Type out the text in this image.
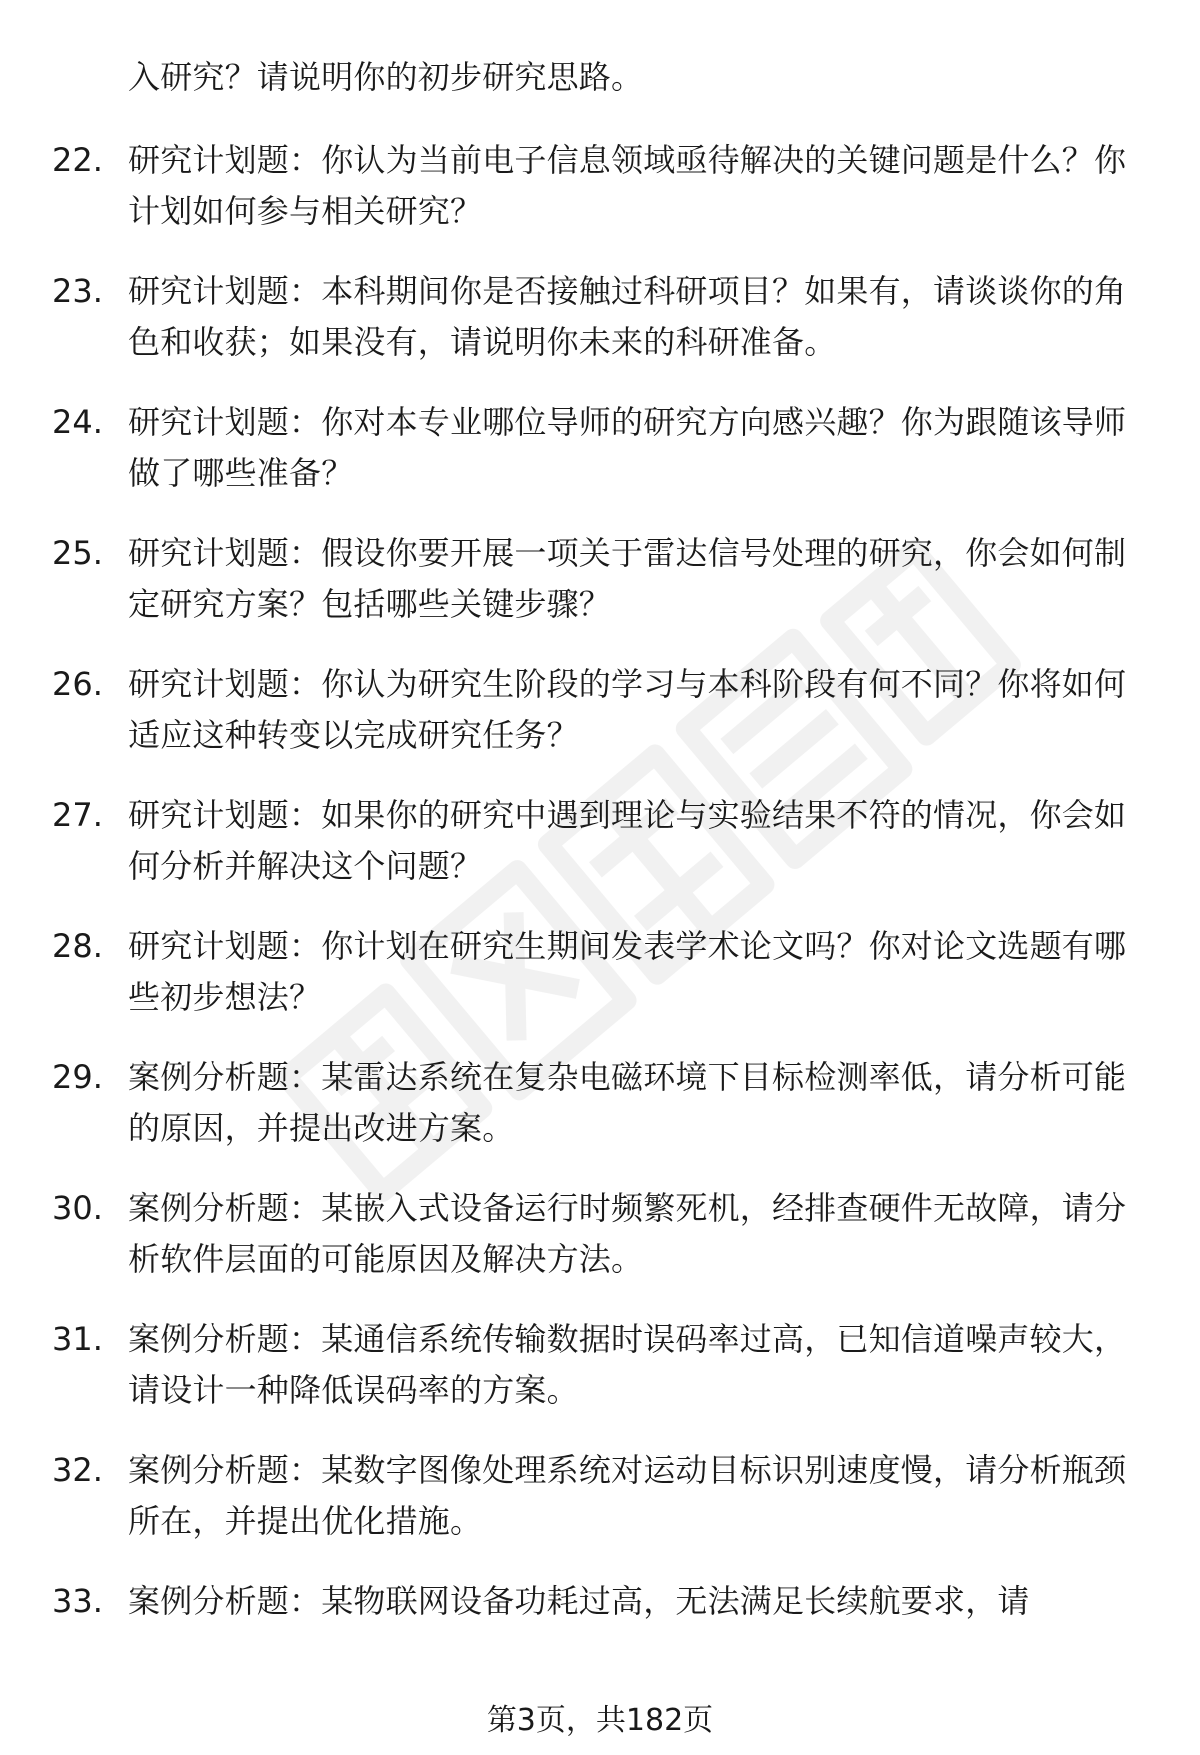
入研究？请说明你的初步研究思路。
22. 研究计划题：你认为当前电子信息领域亟待解决的关键问题是什么？你计划如何参与相关研究？
23. 研究计划题：本科期间你是否接触过科研项目？如果有，请谈谈你的角色和收获；如果没有，请说明你未来的科研准备。
24. 研究计划题：你对本专业哪位导师的研究方向感兴趣？你为跟随该导师做了哪些准备？
25. 研究计划题：假设你要开展一项关于雷达信号处理的研究，你会如何制定研究方案？包括哪些关键步骤？
26. 研究计划题：你认为研究生阶段的学习与本科阶段有何不同？你将如何适应这种转变以完成研究任务？
27. 研究计划题：如果你的研究中遇到理论与实验结果不符的情况，你会如何分析并解决这个问题？
28. 研究计划题：你计划在研究生期间发表学术论文吗？你对论文选题有哪些初步想法？
29. 案例分析题：某雷达系统在复杂电磁环境下目标检测率低，请分析可能的原因，并提出改进方案。
30. 案例分析题：某嵌入式设备运行时频繁死机，经排查硬件无故障，请分析软件层面的可能原因及解决方法。
31. 案例分析题：某通信系统传输数据时误码率过高，已知信道噪声较大，请设计一种降低误码率的方案。
32. 案例分析题：某数字图像处理系统对运动目标识别速度慢，请分析瓶颈所在，并提出优化措施。
33. 案例分析题：某物联网设备功耗过高，无法满足长续航要求，请
第3页，共182页
